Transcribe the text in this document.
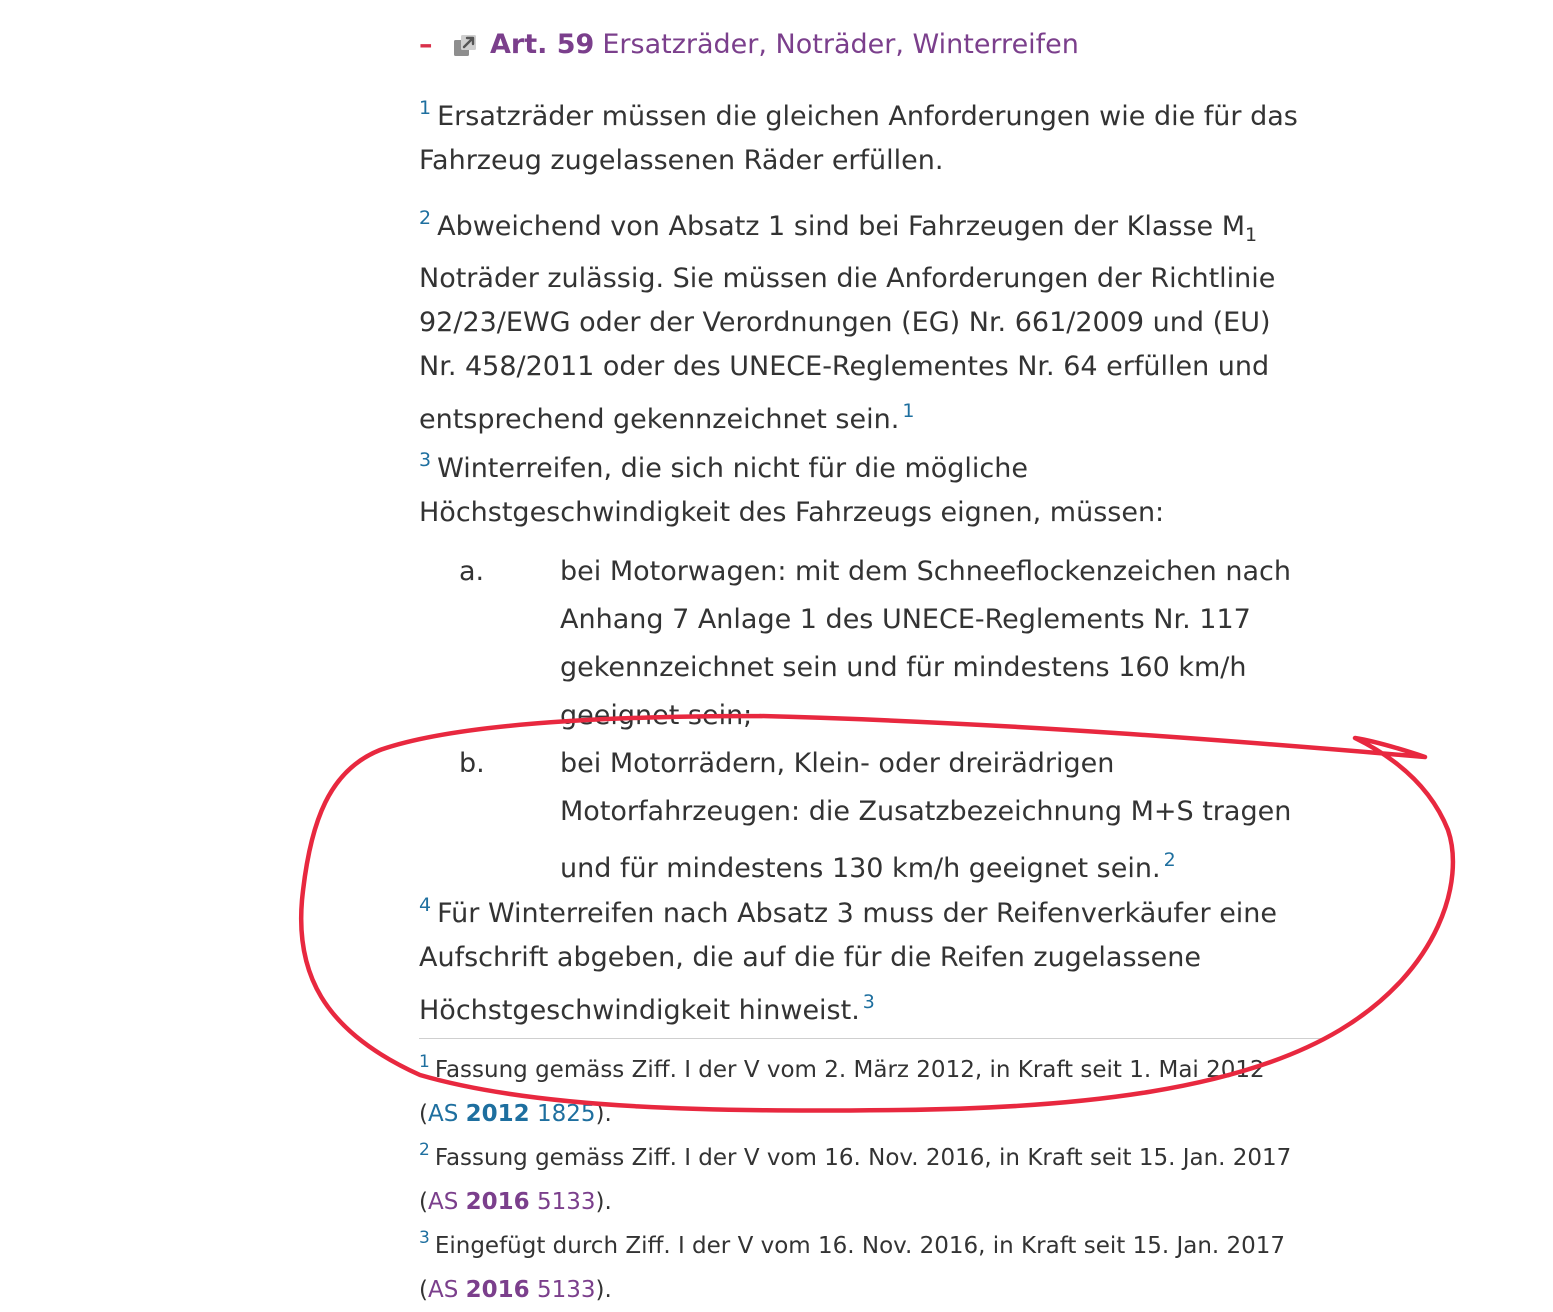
– Art. 59 Ersatzräder, Noträder, Winterreifen
$^1$ Ersatzräder müssen die gleichen Anforderungen wie die für das
Fahrzeug zugelassenen Räder erfüllen.
$^2$ Abweichend von Absatz 1 sind bei Fahrzeugen der Klasse $M_1$
Noträder zulässig. Sie müssen die Anforderungen der Richtlinie
92/23/EWG oder der Verordnungen (EG) Nr. 661/2009 und (EU)
Nr. 458/2011 oder des UNECE-Reglementes Nr. 64 erfüllen und
entsprechend gekennzeichnet sein. $^1$
$^3$ Winterreifen, die sich nicht für die mögliche
Höchstgeschwindigkeit des Fahrzeugs eignen, müssen:
a.	bei Motorwagen: mit dem Schneeflockenzeichen nach
Anhang 7 Anlage 1 des UNECE-Reglements Nr. 117
gekennzeichnet sein und für mindestens 160 km/h
geeignet sein;
b.	bei Motorrädern, Klein- oder dreirädrigen
Motorfahrzeugen: die Zusatzbezeichnung M+S tragen
und für mindestens 130 km/h geeignet sein. $^2$
$^4$ Für Winterreifen nach Absatz 3 muss der Reifenverkäufer eine
Aufschrift abgeben, die auf die für die Reifen zugelassene
Höchstgeschwindigkeit hinweist. $^3$
$^1$ Fassung gemäss Ziff. I der V vom 2. März 2012, in Kraft seit 1. Mai 2012
(AS 2012 1825).
$^2$ Fassung gemäss Ziff. I der V vom 16. Nov. 2016, in Kraft seit 15. Jan. 2017
(AS 2016 5133).
$^3$ Eingefügt durch Ziff. I der V vom 16. Nov. 2016, in Kraft seit 15. Jan. 2017
(AS 2016 5133).
